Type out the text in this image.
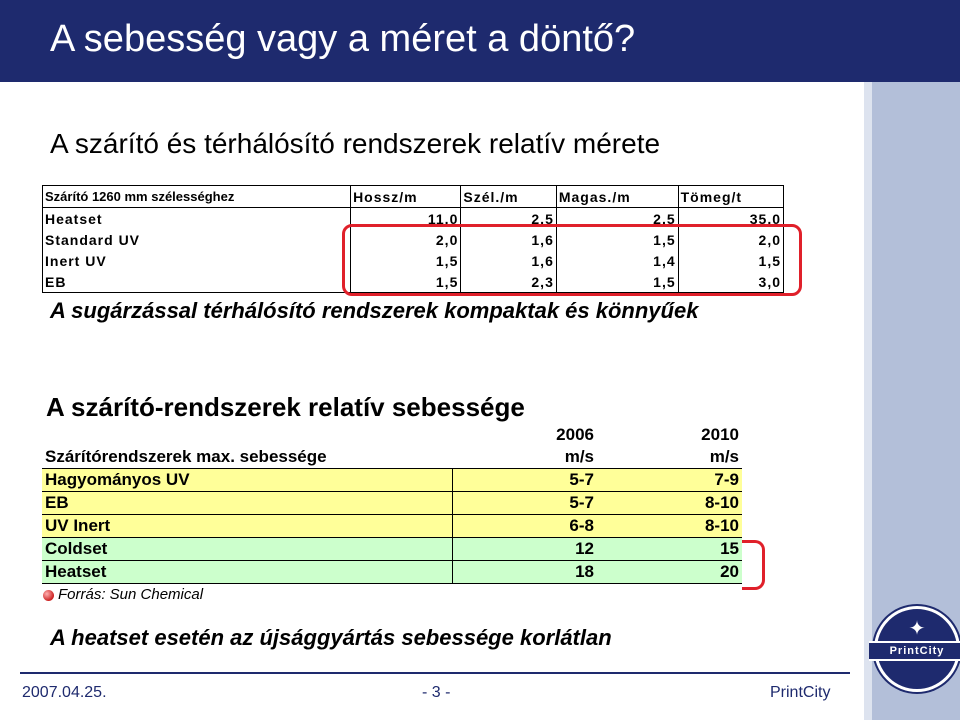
A sebesség vagy a méret a döntő?
A szárító és térhálósító rendszerek relatív mérete
Szárító 1260 mm szélességhez	Hossz/m	Szél./m	Magas./m	Tömeg/t
Heatset	11,0	2,5	2,5	35,0
Standard UV	2,0	1,6	1,5	2,0
Inert UV	1,5	1,6	1,4	1,5
EB	1,5	2,3	1,5	3,0
A sugárzással térhálósító rendszerek kompaktak és könnyűek
A szárító-rendszerek relatív sebessége
	2006	2010
Szárítórendszerek max. sebessége	m/s	m/s
Hagyományos UV	5-7	7-9
EB	5-7	8-10
UV Inert	6-8	8-10
Coldset	12	15
Heatset	18	20
Forrás: Sun Chemical
A heatset esetén az újsággyártás sebessége korlátlan
2007.04.25.	- 3 -	PrintCity
✦
PrintCity
